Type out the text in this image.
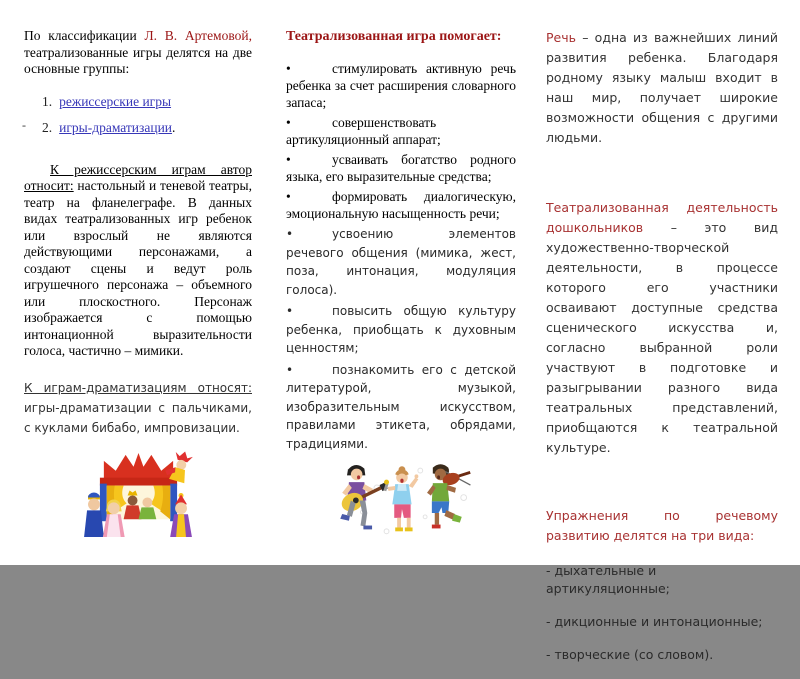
По классификации Л. В. Артемовой, театрализованные игры делятся на две основные группы:
-
1. режиссерские игры
2. игры-драматизации.
К режиссерским играм автор относит: настольный и теневой театры, театр на фланелеграфе. В данных видах театрализованных игр ребенок или взрослый не являются действующими персонажами, а создают сцены и ведут роль игрушечного персонажа – объемного или плоскостного. Персонаж изображается с помощью интонационной выразительности голоса, частично – мимики.
К играм-драматизациям относят: игры-драматизации с пальчиками, с куклами бибабо, импровизации.
Театрализованная игра помогает:
•	стимулировать активную речь ребенка за счет расширения словарного запаса;
•	совершенствовать артикуляционный аппарат;
•	усваивать богатство родного языка, его выразительные средства;
•	формировать диалогическую, эмоциональную насыщенность речи;
•	усвоению элементов речевого общения (мимика, жест, поза, интонация, модуляция голоса).
•	повысить общую культуру ребенка, приобщать к духовным ценностям;
•	познакомить его с детской литературой, музыкой, изобразительным искусством, правилами этикета, обрядами, традициями.
Речь – одна из важнейших линий развития ребенка. Благодаря родному языку малыш входит в наш мир, получает широкие возможности общения с другими людьми.
Театрализованная деятельность дошкольников – это вид художественно-творческой деятельности, в процессе которого его участники осваивают доступные средства сценического искусства и, согласно выбранной роли участвуют в подготовке и разыгрывании разного вида театральных представлений, приобщаются к театральной культуре.
Упражнения по речевому развитию делятся на три вида:
- дыхательные и артикуляционные;
- дикционные и интонационные;
- творческие (со словом).
